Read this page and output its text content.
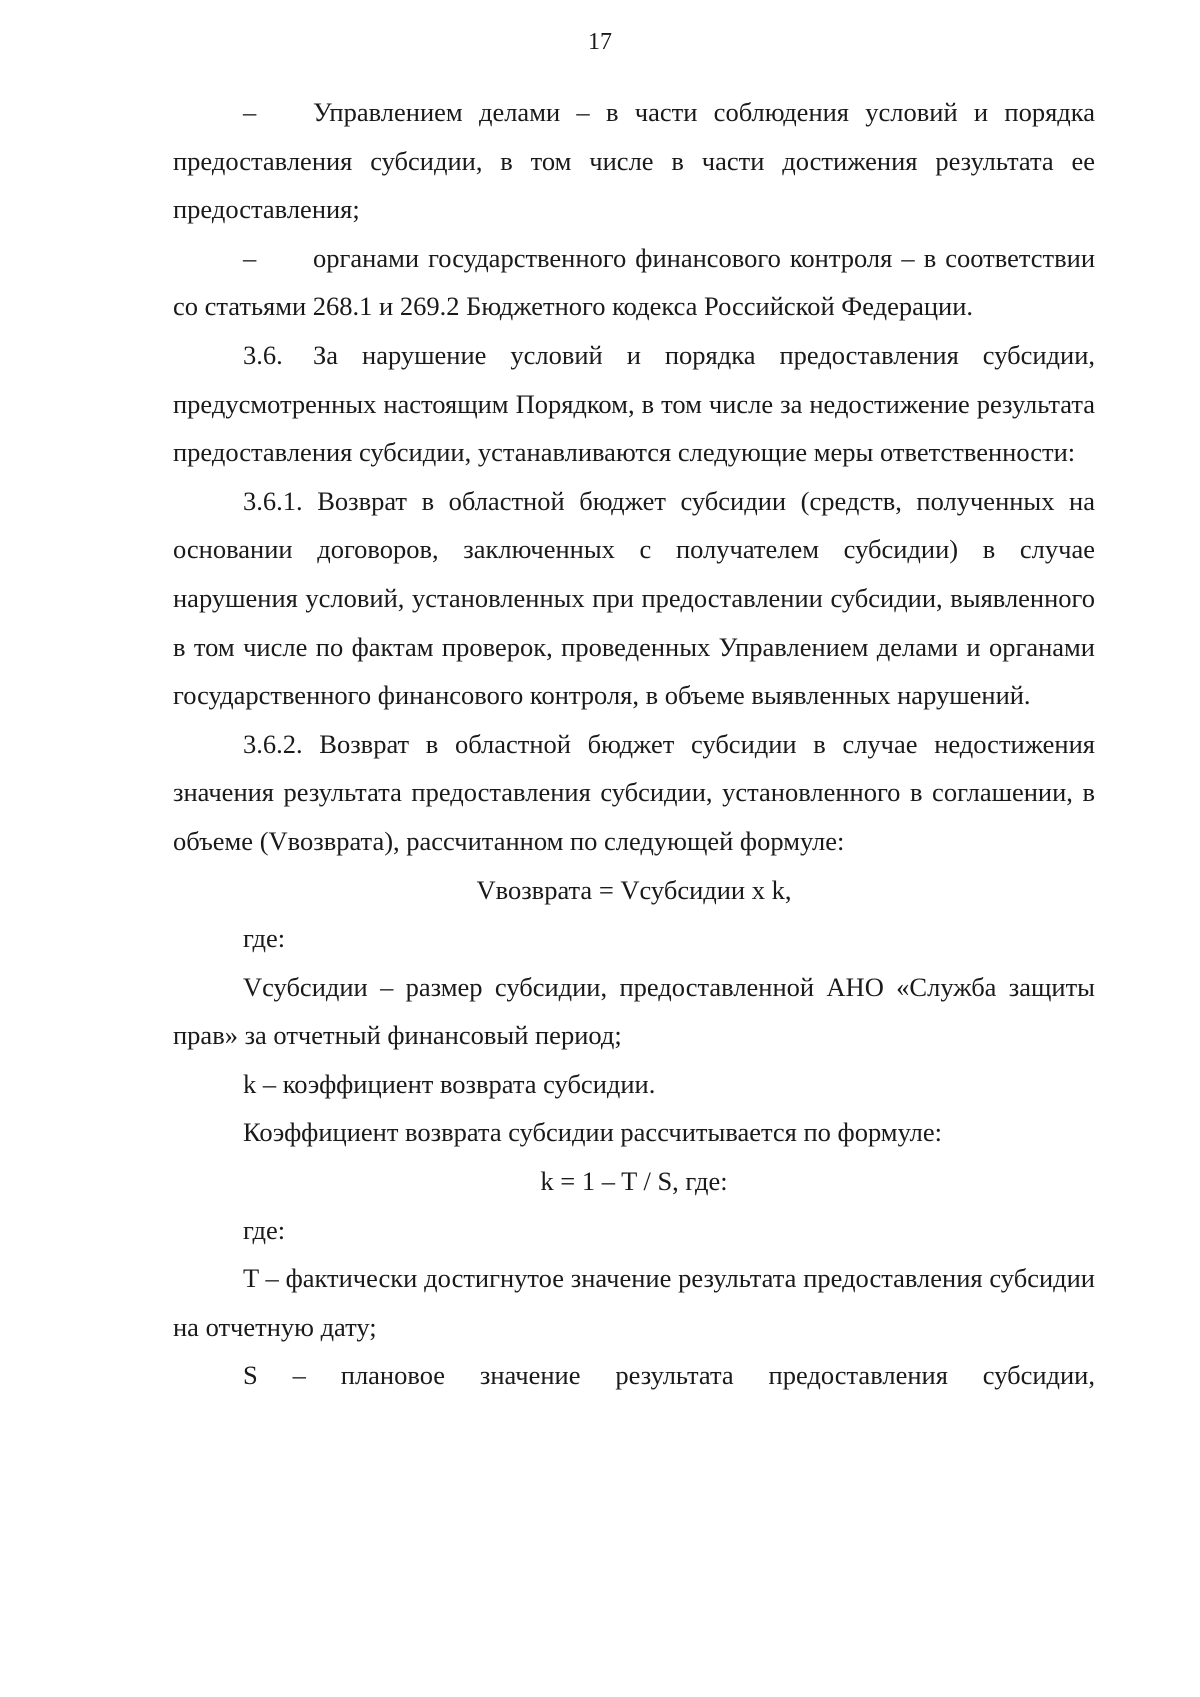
17

– Управлением делами – в части соблюдения условий и порядка предоставления субсидии, в том числе в части достижения результата ее предоставления;

– органами государственного финансового контроля – в соответствии со статьями 268.1 и 269.2 Бюджетного кодекса Российской Федерации.

3.6. За нарушение условий и порядка предоставления субсидии, предусмотренных настоящим Порядком, в том числе за недостижение результата предоставления субсидии, устанавливаются следующие меры ответственности:

3.6.1. Возврат в областной бюджет субсидии (средств, полученных на основании договоров, заключенных с получателем субсидии) в случае нарушения условий, установленных при предоставлении субсидии, выявленного в том числе по фактам проверок, проведенных Управлением делами и органами государственного финансового контроля, в объеме выявленных нарушений.

3.6.2. Возврат в областной бюджет субсидии в случае недостижения значения результата предоставления субсидии, установленного в соглашении, в объеме (Vвозврата), рассчитанном по следующей формуле:

Vвозврата = Vсубсидии x k,

где:

Vсубсидии – размер субсидии, предоставленной АНО «Служба защиты прав» за отчетный финансовый период;

k – коэффициент возврата субсидии.

Коэффициент возврата субсидии рассчитывается по формуле:

k = 1 – T / S, где:

где:

T – фактически достигнутое значение результата предоставления субсидии на отчетную дату;

S – плановое значение результата предоставления субсидии,
